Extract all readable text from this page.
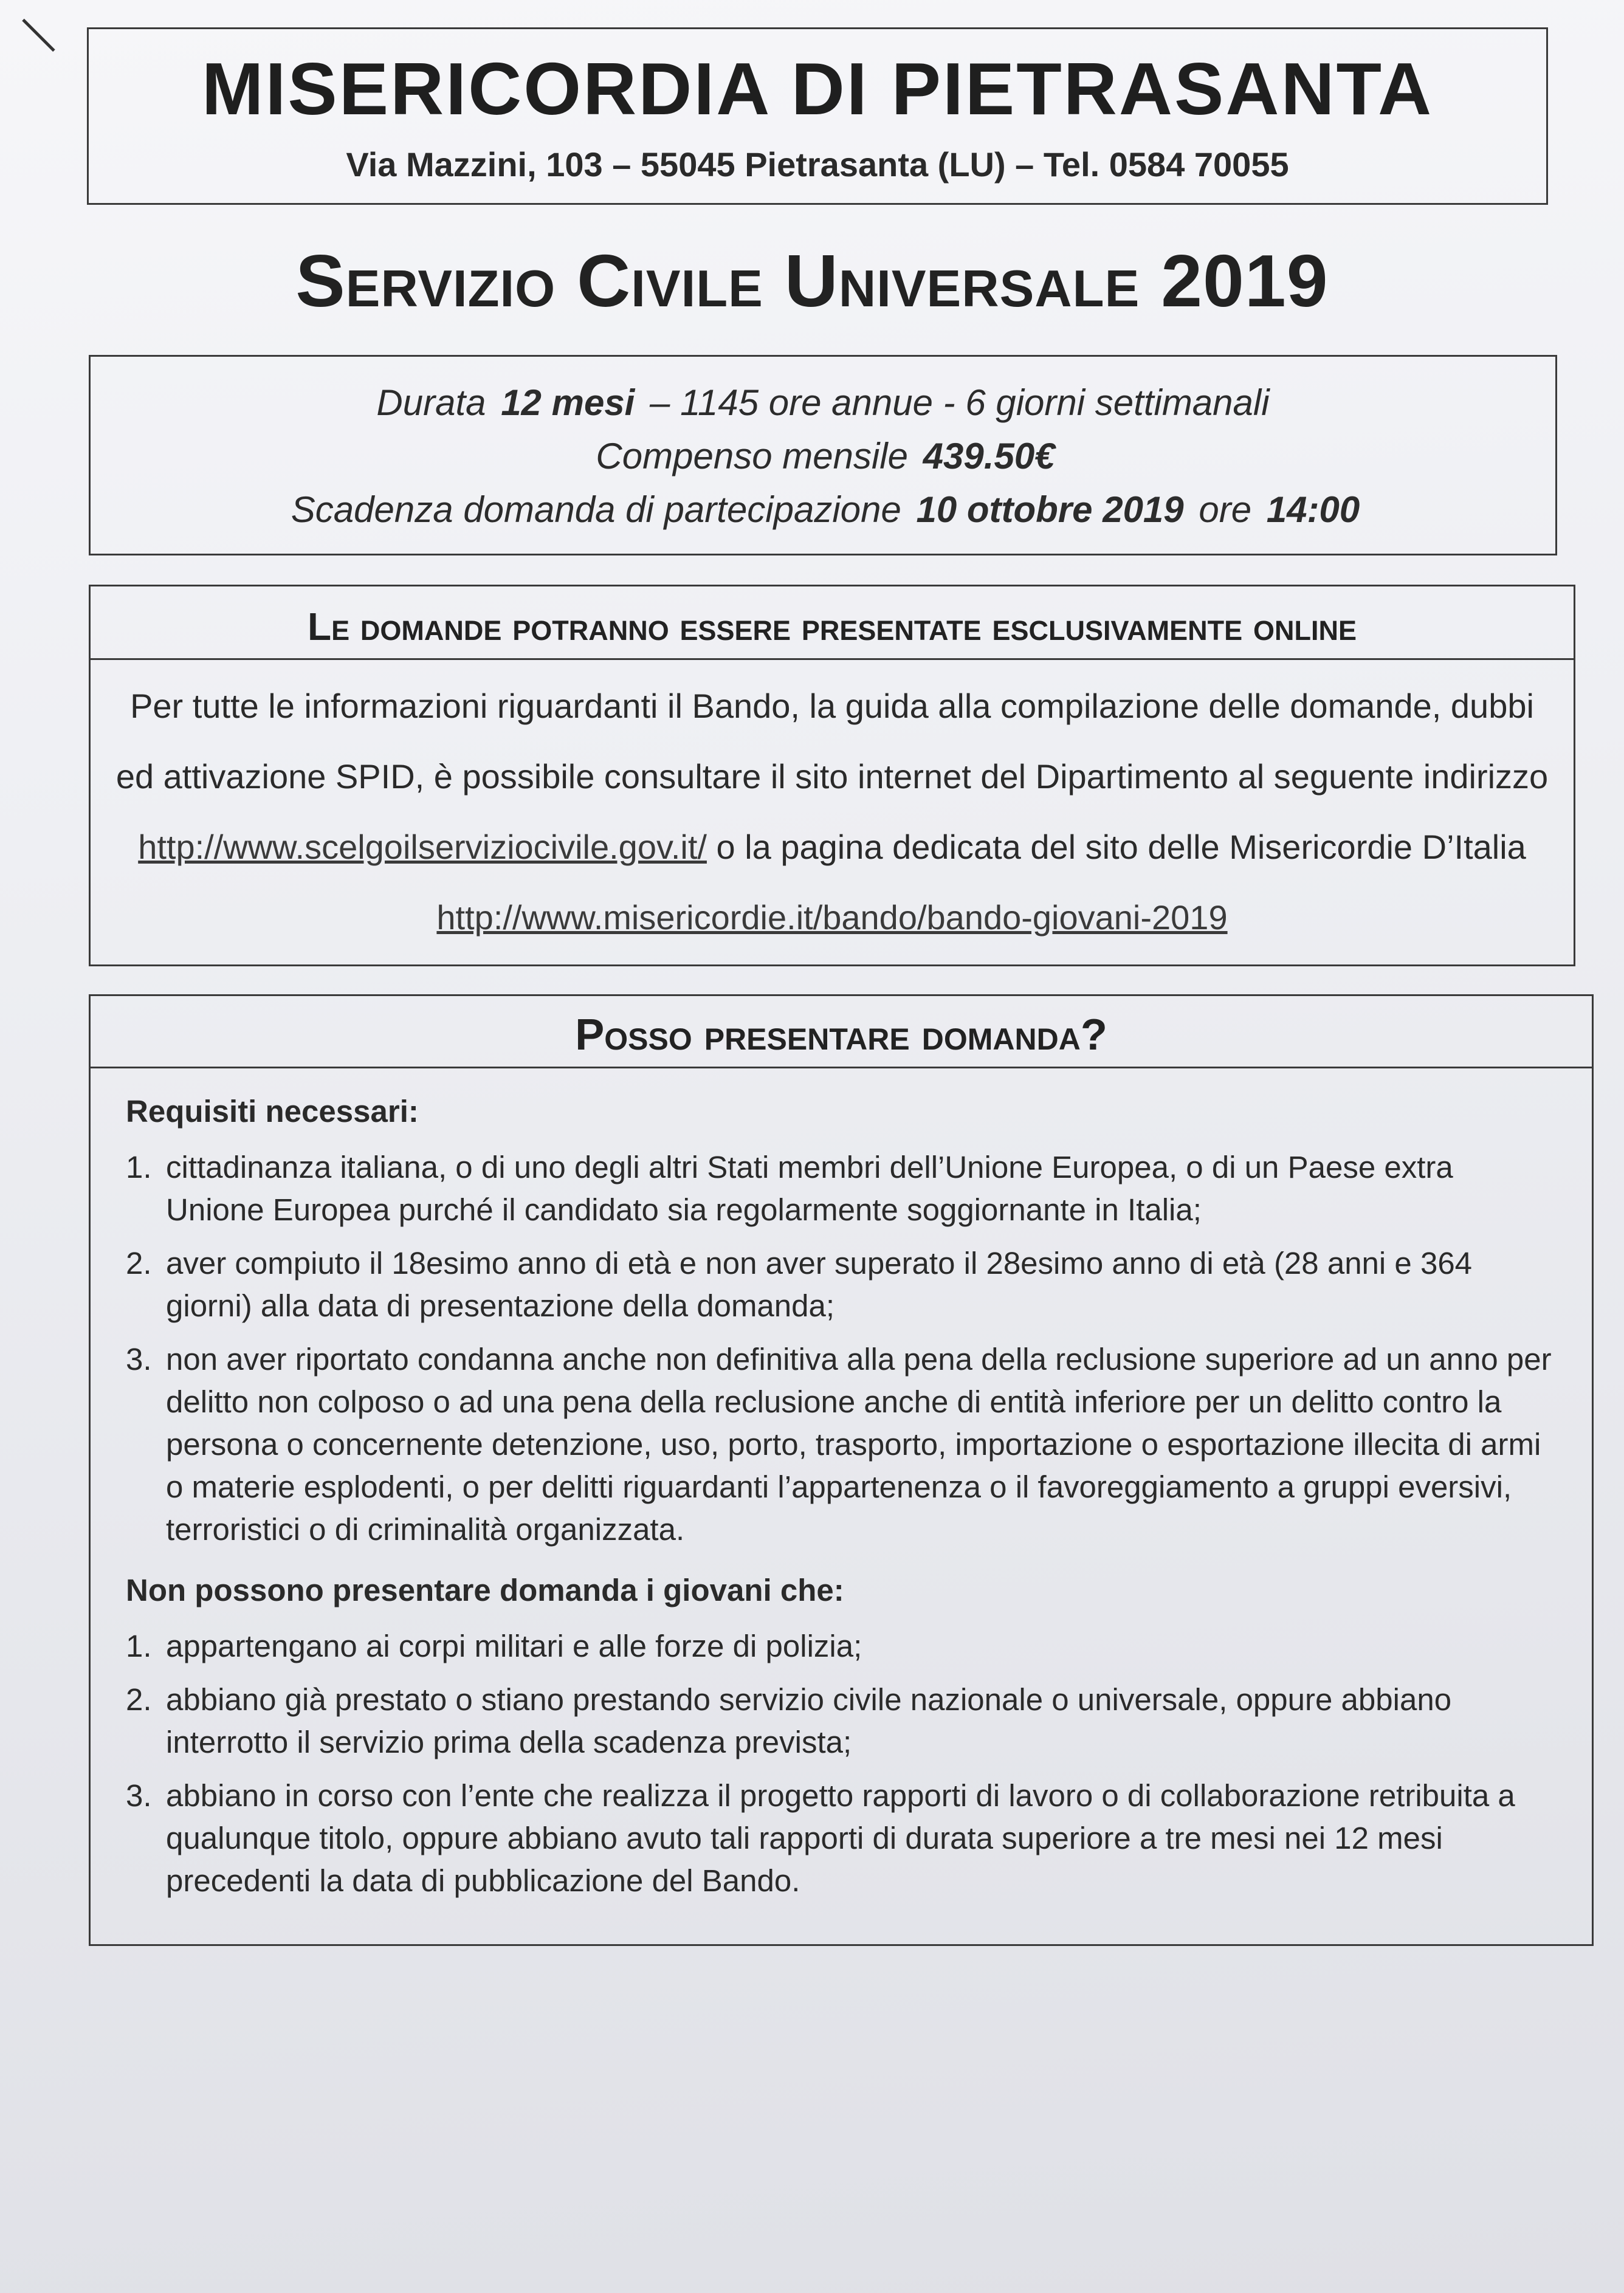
MISERICORDIA DI PIETRASANTA
Via Mazzini, 103 – 55045 Pietrasanta (LU) – Tel. 0584 70055
Servizio Civile Universale 2019
Durata 12 mesi – 1145 ore annue - 6 giorni settimanali
Compenso mensile 439.50€
Scadenza domanda di partecipazione 10 ottobre 2019 ore 14:00
Le domande potranno essere presentate esclusivamente online
Per tutte le informazioni riguardanti il Bando, la guida alla compilazione delle domande, dubbi ed attivazione SPID, è possibile consultare il sito internet del Dipartimento al seguente indirizzo http://www.scelgoilserviziocivile.gov.it/ o la pagina dedicata del sito delle Misericordie D’Italia http://www.misericordie.it/bando/bando-giovani-2019
Posso presentare domanda?
Requisiti necessari:
1. cittadinanza italiana, o di uno degli altri Stati membri dell’Unione Europea, o di un Paese extra Unione Europea purché il candidato sia regolarmente soggiornante in Italia;
2. aver compiuto il 18esimo anno di età e non aver superato il 28esimo anno di età (28 anni e 364 giorni) alla data di presentazione della domanda;
3. non aver riportato condanna anche non definitiva alla pena della reclusione superiore ad un anno per delitto non colposo o ad una pena della reclusione anche di entità inferiore per un delitto contro la persona o concernente detenzione, uso, porto, trasporto, importazione o esportazione illecita di armi o materie esplodenti, o per delitti riguardanti l’appartenenza o il favoreggiamento a gruppi eversivi, terroristici o di criminalità organizzata.
Non possono presentare domanda i giovani che:
1. appartengano ai corpi militari e alle forze di polizia;
2. abbiano già prestato o stiano prestando servizio civile nazionale o universale, oppure abbiano interrotto il servizio prima della scadenza prevista;
3. abbiano in corso con l’ente che realizza il progetto rapporti di lavoro o di collaborazione retribuita a qualunque titolo, oppure abbiano avuto tali rapporti di durata superiore a tre mesi nei 12 mesi precedenti la data di pubblicazione del Bando.
